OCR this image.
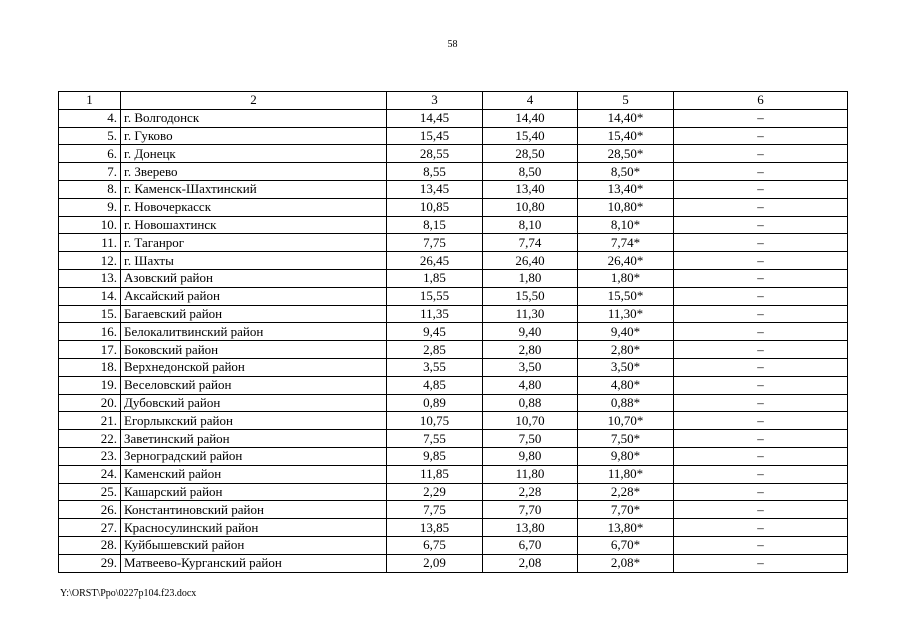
58
1	2	3	4	5	6
4.	г. Волгодонск	14,45	14,40	14,40*	–
5.	г. Гуково	15,45	15,40	15,40*	–
6.	г. Донецк	28,55	28,50	28,50*	–
7.	г. Зверево	8,55	8,50	8,50*	–
8.	г. Каменск-Шахтинский	13,45	13,40	13,40*	–
9.	г. Новочеркасск	10,85	10,80	10,80*	–
10.	г. Новошахтинск	8,15	8,10	8,10*	–
11.	г. Таганрог	7,75	7,74	7,74*	–
12.	г. Шахты	26,45	26,40	26,40*	–
13.	Азовский район	1,85	1,80	1,80*	–
14.	Аксайский район	15,55	15,50	15,50*	–
15.	Багаевский район	11,35	11,30	11,30*	–
16.	Белокалитвинский район	9,45	9,40	9,40*	–
17.	Боковский район	2,85	2,80	2,80*	–
18.	Верхнедонской район	3,55	3,50	3,50*	–
19.	Веселовский район	4,85	4,80	4,80*	–
20.	Дубовский район	0,89	0,88	0,88*	–
21.	Егорлыкский район	10,75	10,70	10,70*	–
22.	Заветинский район	7,55	7,50	7,50*	–
23.	Зерноградский район	9,85	9,80	9,80*	–
24.	Каменский район	11,85	11,80	11,80*	–
25.	Кашарский район	2,29	2,28	2,28*	–
26.	Константиновский район	7,75	7,70	7,70*	–
27.	Красносулинский район	13,85	13,80	13,80*	–
28.	Куйбышевский район	6,75	6,70	6,70*	–
29.	Матвеево-Курганский район	2,09	2,08	2,08*	–
Y:\ORST\Ppo\0227p104.f23.docx
